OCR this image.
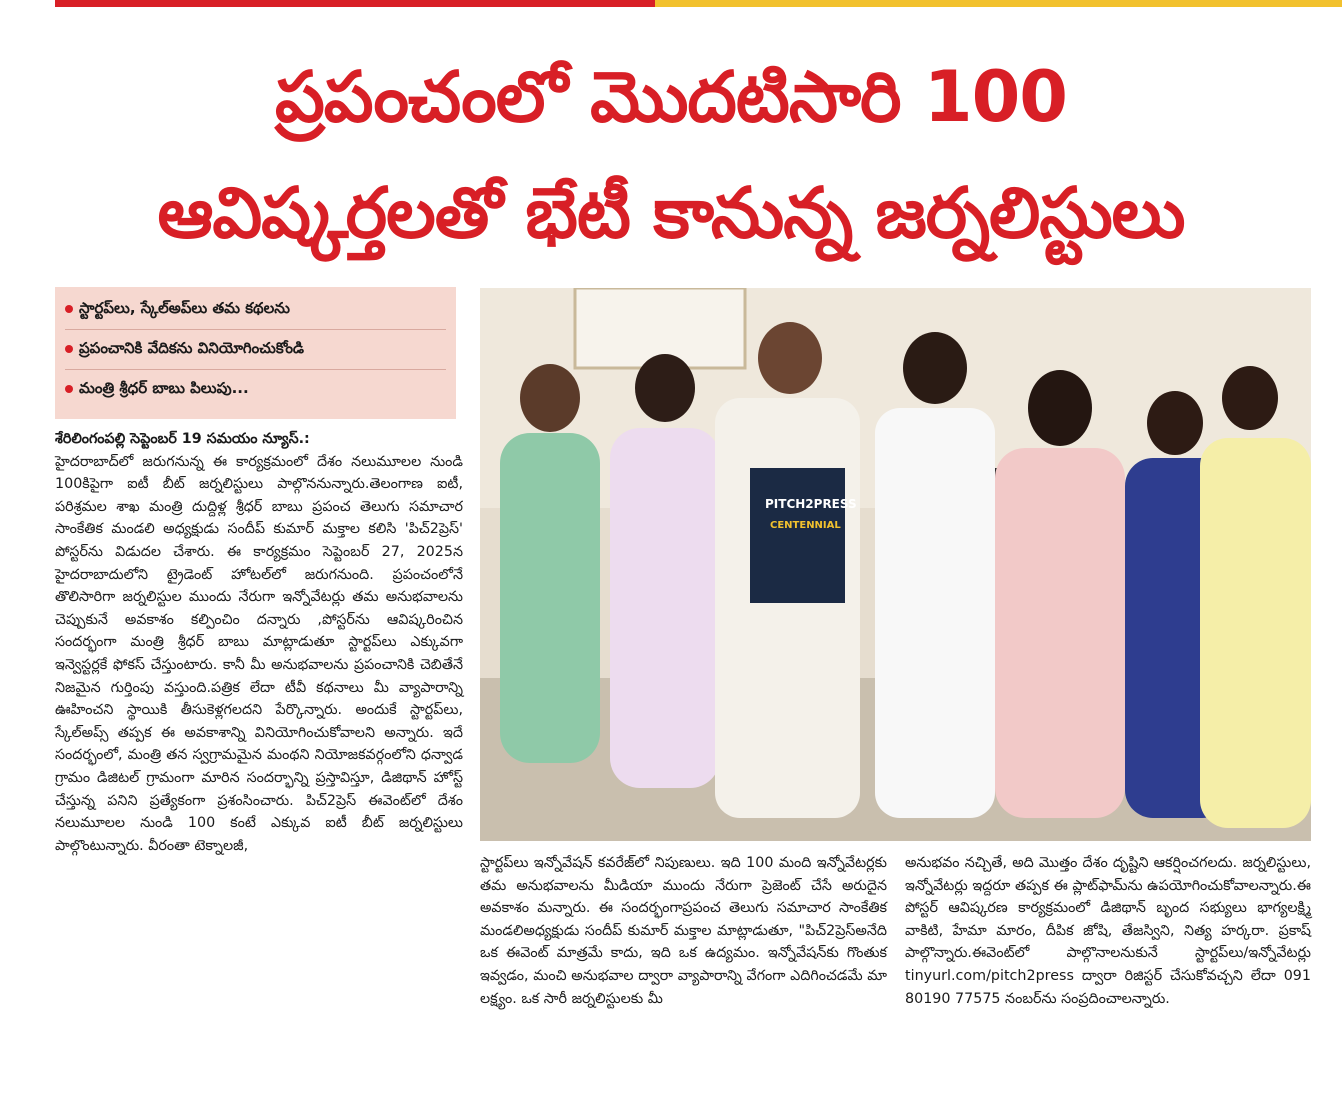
ప్రపంచంలో మొదటిసారి 100
ఆవిష్కర్తలతో భేటీ కానున్న జర్నలిస్టులు
స్టార్టప్‌లు, స్కేల్‌అప్‌లు తమ కథలను
ప్రపంచానికి వేదికను వినియోగించుకోండి
మంత్రి శ్రీధర్ బాబు పిలుపు...

శేరిలింగంపల్లి సెప్టెంబర్ 19 సమయం న్యూస్.:

హైదరాబాద్‌లో జరుగనున్న ఈ కార్యక్రమంలో దేశం నలుమూలల నుండి 100కిపైగా ఐటీ బీట్ జర్నలిస్టులు పాల్గొననున్నారు.తెలంగాణ ఐటీ, పరిశ్రమల శాఖ మంత్రి దుద్దిళ్ల శ్రీధర్ బాబు ప్రపంచ తెలుగు సమాచార సాంకేతిక మండలి అధ్యక్షుడు సందీప్ కుమార్ మక్తాల కలిసి 'పిచ్2ప్రెస్' పోస్టర్‌ను విడుదల చేశారు. ఈ కార్యక్రమం సెప్టెంబర్ 27, 2025న హైదరాబాదులోని ట్రైడెంట్ హోటల్‌లో జరుగనుంది. ప్రపంచంలోనే తొలిసారిగా జర్నలిస్టుల ముందు నేరుగా ఇన్నోవేటర్లు తమ అనుభవాలను చెప్పుకునే అవకాశం కల్పించిం దన్నారు ,పోస్టర్‌ను ఆవిష్కరించిన సందర్భంగా మంత్రి శ్రీధర్ బాబు మాట్లాడుతూ స్టార్టప్‌లు ఎక్కువగా ఇన్వెస్టర్లకే ఫోకస్ చేస్తుంటారు. కానీ మీ అనుభవాలను ప్రపంచానికి చెబితేనే నిజమైన గుర్తింపు వస్తుంది.పత్రిక లేదా టీవీ కథనాలు మీ వ్యాపారాన్ని ఊహించని స్థాయికి తీసుకెళ్లగలదని పేర్కొన్నారు. అందుకే స్టార్టప్‌లు, స్కేల్‌అప్స్ తప్పక ఈ అవకాశాన్ని వినియోగించుకోవాలని అన్నారు. ఇదే సందర్భంలో, మంత్రి తన స్వగ్రామమైన మంథని నియోజకవర్గంలోని ధన్వాడ గ్రామం డిజిటల్ గ్రామంగా మారిన సందర్భాన్ని ప్రస్తావిస్తూ, డిజిథాన్ హోస్ట్ చేస్తున్న పనిని ప్రత్యేకంగా ప్రశంసించారు. పిచ్2ప్రెస్ ఈవెంట్‌లో దేశం నలుమూలల నుండి 100 కంటే ఎక్కువ ఐటీ బీట్ జర్నలిస్టులు పాల్గొంటున్నారు. వీరంతా టెక్నాలజీ,

PITCH2PRESS
CENTENNIAL

స్టార్టప్‌లు ఇన్నోవేషన్ కవరేజ్‌లో నిపుణులు. ఇది 100 మంది ఇన్నోవేటర్లకు తమ అనుభవాలను మీడియా ముందు నేరుగా ప్రెజెంట్ చేసే అరుదైన అవకాశం మన్నారు. ఈ సందర్భంగాప్రపంచ తెలుగు సమాచార సాంకేతిక మండలిఅధ్యక్షుడు సందీప్ కుమార్ మక్తాల మాట్లాడుతూ, "పిచ్2ప్రెస్అనేది ఒక ఈవెంట్ మాత్రమే కాదు, ఇది ఒక ఉద్యమం. ఇన్నోవేషన్‌కు గొంతుక ఇవ్వడం, మంచి అనుభవాల ద్వారా వ్యాపారాన్ని వేగంగా ఎదిగించడమే మా లక్ష్యం. ఒక సారీ జర్నలిస్టులకు మీ

అనుభవం నచ్చితే, అది మొత్తం దేశం దృష్టిని ఆకర్షించగలదు. జర్నలిస్టులు, ఇన్నోవేటర్లు ఇద్దరూ తప్పక ఈ ప్లాట్‌ఫామ్‌ను ఉపయోగించుకోవాలన్నారు.ఈ పోస్టర్ ఆవిష్కరణ కార్యక్రమంలో డిజిథాన్ బృంద సభ్యులు భాగ్యలక్ష్మి వాకిటి, హేమా మారం, దీపిక జోషి, తేజస్విని, నిత్య హర్కరా. ప్రకాష్ పాల్గొన్నారు.ఈవెంట్‌లో పాల్గొనాలనుకునే స్టార్టప్‌లు/ఇన్నోవేటర్లు tinyurl.com/pitch2press ద్వారా రిజిస్టర్ చేసుకోవచ్చని లేదా 091 80190 77575 నంబర్‌ను సంప్రదించాలన్నారు.
